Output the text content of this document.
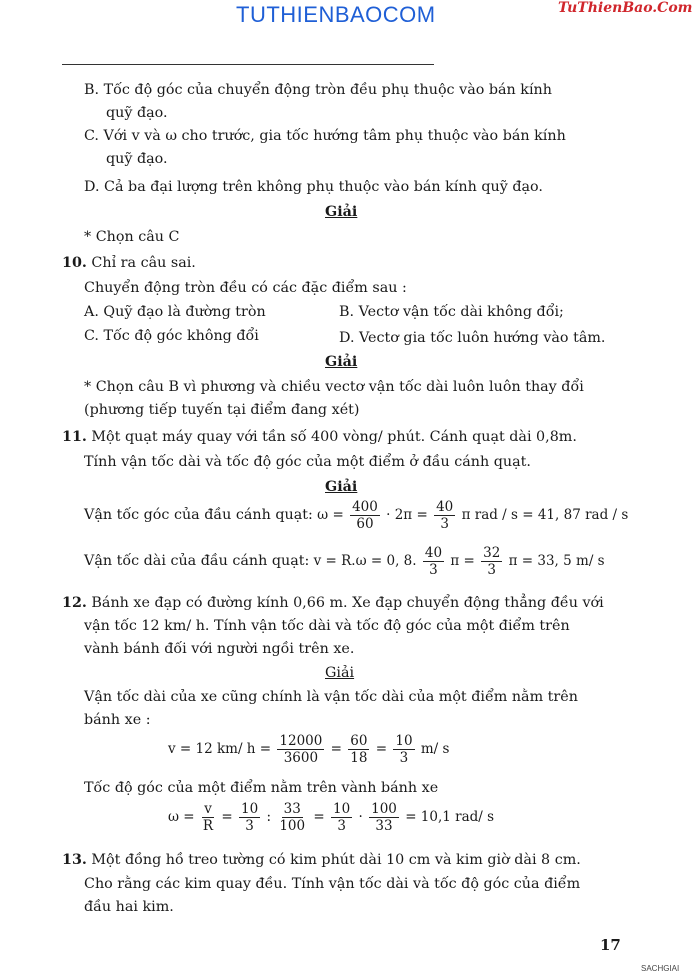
TUTHIENBAOCOM	TuThienBao.Com
B. Tốc độ góc của chuyển động tròn đều phụ thuộc vào bán kính
quỹ đạo.
C. Với v và ω cho trước, gia tốc hướng tâm phụ thuộc vào bán kính
quỹ đạo.
D. Cả ba đại lượng trên không phụ thuộc vào bán kính quỹ đạo.
Giải
* Chọn câu C
10. Chỉ ra câu sai.
Chuyển động tròn đều có các đặc điểm sau :
A. Quỹ đạo là đường tròn	B. Vectơ vận tốc dài không đổi;
C. Tốc độ góc không đổi	D. Vectơ gia tốc luôn hướng vào tâm.
Giải
* Chọn câu B vì phương và chiều vectơ vận tốc dài luôn luôn thay đổi
(phương tiếp tuyến tại điểm đang xét)
11. Một quạt máy quay với tần số 400 vòng/ phút. Cánh quạt dài 0,8m.
Tính vận tốc dài và tốc độ góc của một điểm ở đầu cánh quạt.
Giải
Vận tốc góc của đầu cánh quạt: $\omega = \frac{400}{60} \cdot 2\pi = \frac{40}{3}$ π rad / s = 41, 87 rad / s
Vận tốc dài của đầu cánh quạt: v = R.ω = 0, 8. $\frac{40}{3}$ $\pi = \frac{32}{3}$ π = 33, 5 m/ s
12. Bánh xe đạp có đường kính 0,66 m. Xe đạp chuyển động thẳng đều với
vận tốc 12 km/ h. Tính vận tốc dài và tốc độ góc của một điểm trên
vành bánh đối với người ngồi trên xe.
Giải
Vận tốc dài của xe cũng chính là vận tốc dài của một điểm nằm trên
bánh xe :
v = 12 km/ $h = \frac{12000}{3600} = \frac{60}{18} = \frac{10}{3} m/$ s
Tốc độ góc của một điểm nằm trên vành bánh xe
$\omega = \frac{v}{R} = \frac{10}{3}$ : $\frac{33}{100} = \frac{10}{3} \cdot \frac{100}{33} = 10,1$ rad/ s
13. Một đồng hồ treo tường có kim phút dài 10 cm và kim giờ dài 8 cm.
Cho rằng các kim quay đều. Tính vận tốc dài và tốc độ góc của điểm
đầu hai kim.
17
SACHGIAI
